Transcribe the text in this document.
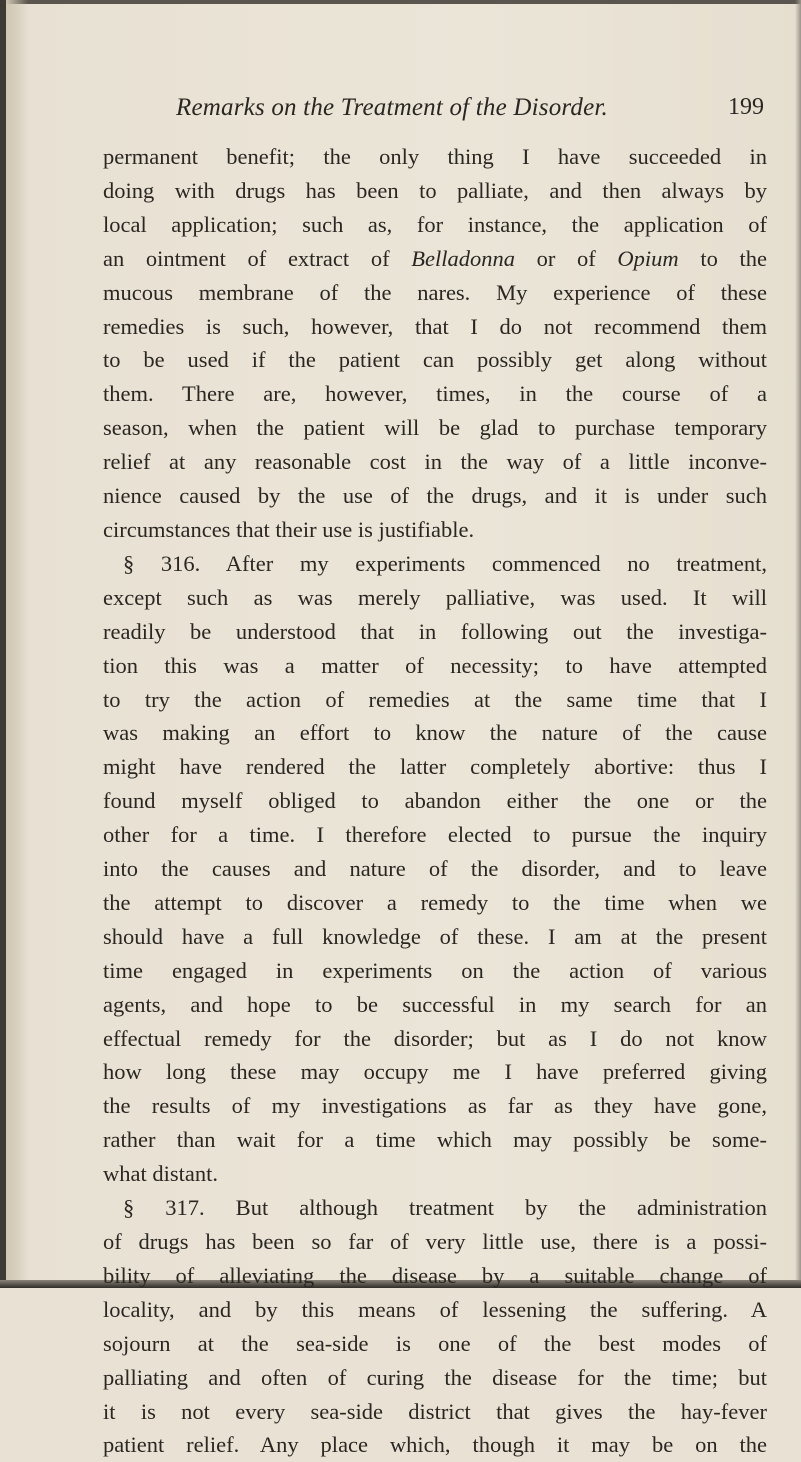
Remarks on the Treatment of the Disorder.	199
permanent benefit; the only thing I have succeeded in
doing with drugs has been to palliate, and then always by
local application; such as, for instance, the application of
an ointment of extract of Belladonna or of Opium to the
mucous membrane of the nares. My experience of these
remedies is such, however, that I do not recommend them
to be used if the patient can possibly get along without
them. There are, however, times, in the course of a
season, when the patient will be glad to purchase temporary
relief at any reasonable cost in the way of a little inconve-
nience caused by the use of the drugs, and it is under such
circumstances that their use is justifiable.
§ 316. After my experiments commenced no treatment,
except such as was merely palliative, was used. It will
readily be understood that in following out the investiga-
tion this was a matter of necessity; to have attempted
to try the action of remedies at the same time that I
was making an effort to know the nature of the cause
might have rendered the latter completely abortive: thus I
found myself obliged to abandon either the one or the
other for a time. I therefore elected to pursue the inquiry
into the causes and nature of the disorder, and to leave
the attempt to discover a remedy to the time when we
should have a full knowledge of these. I am at the present
time engaged in experiments on the action of various
agents, and hope to be successful in my search for an
effectual remedy for the disorder; but as I do not know
how long these may occupy me I have preferred giving
the results of my investigations as far as they have gone,
rather than wait for a time which may possibly be some-
what distant.
§ 317. But although treatment by the administration
of drugs has been so far of very little use, there is a possi-
bility of alleviating the disease by a suitable change of
locality, and by this means of lessening the suffering. A
sojourn at the sea-side is one of the best modes of
palliating and often of curing the disease for the time; but
it is not every sea-side district that gives the hay-fever
patient relief. Any place which, though it may be on the
